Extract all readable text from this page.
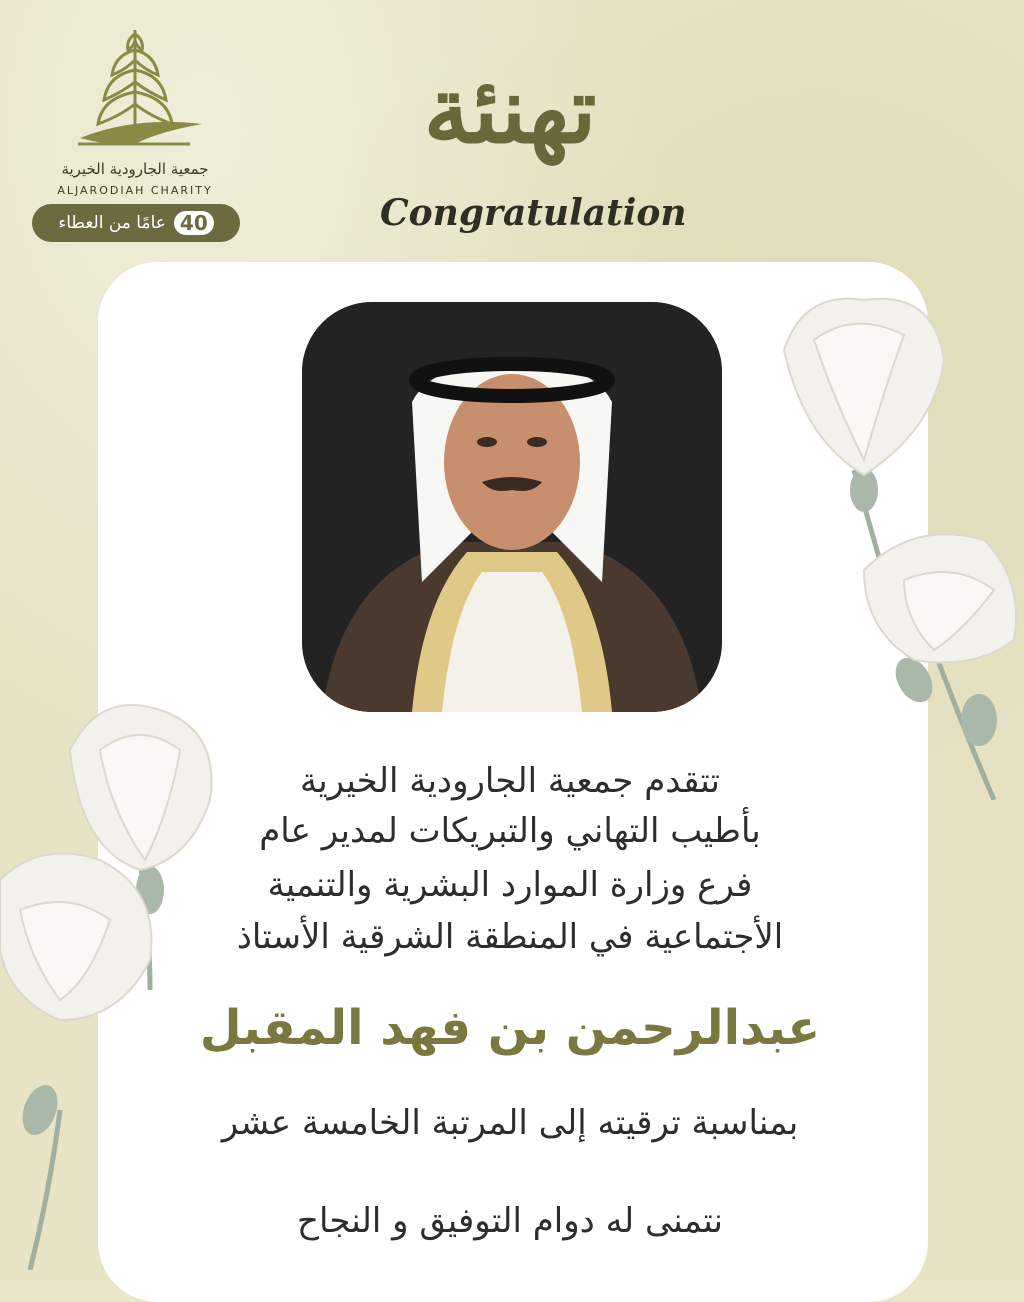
جمعية الجارودية الخيرية
ALJARODIAH CHARITY
عامًا من العطاء 40
تهنئة
Congratulation
تتقدم جمعية الجارودية الخيرية
بأطيب التهاني والتبريكات لمدير عام
فرع وزارة الموارد البشرية والتنمية
الأجتماعية في المنطقة الشرقية الأستاذ
عبدالرحمن بن فهد المقبل
بمناسبة ترقيته إلى المرتبة الخامسة عشر
نتمنى له دوام التوفيق و النجاح
